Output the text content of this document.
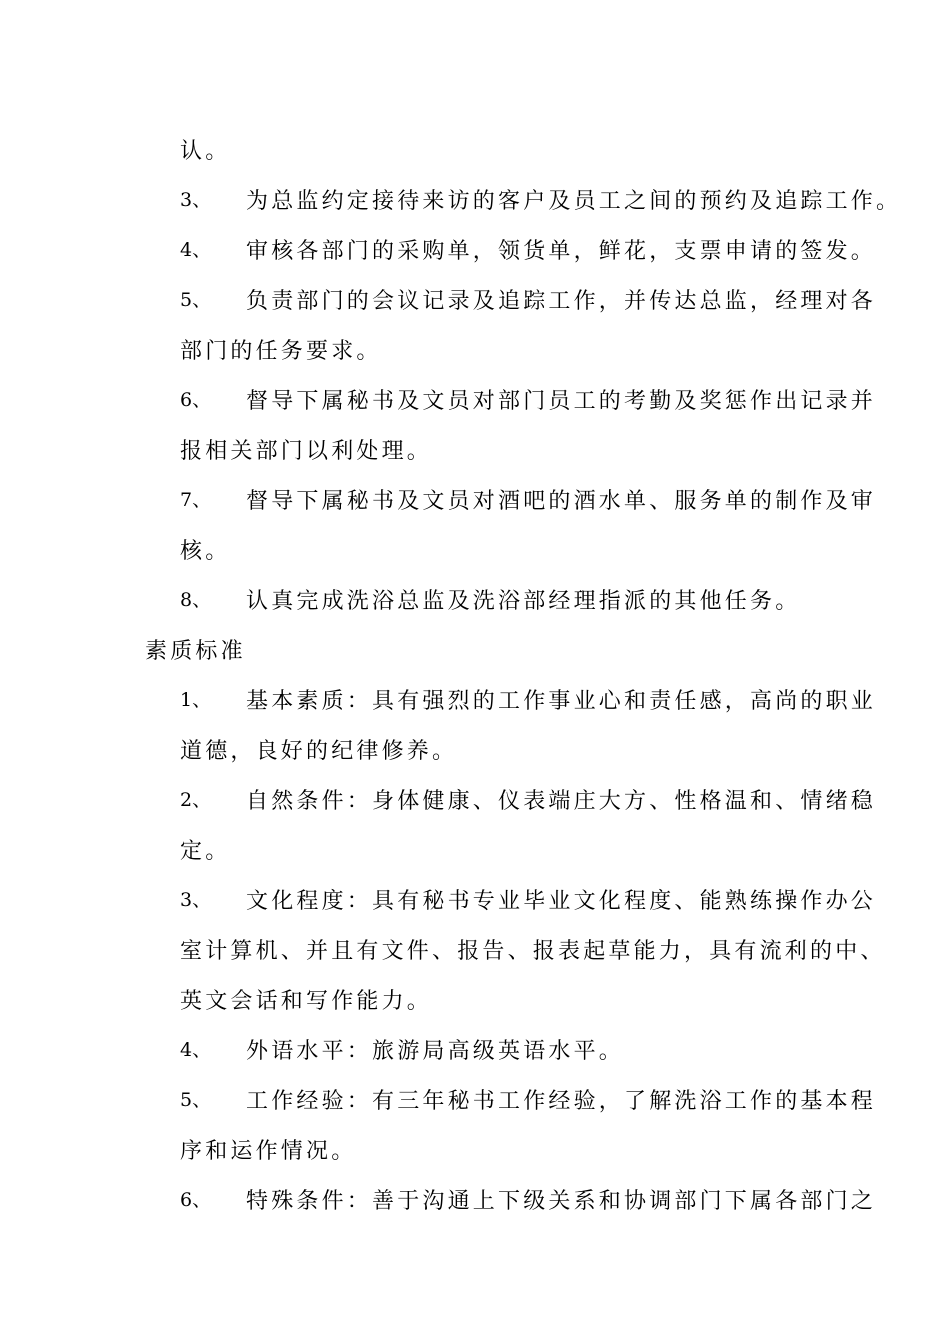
认。
3、 为总监约定接待来访的客户及员工之间的预约及追踪工作。
4、 审核各部门的采购单，领货单，鲜花，支票申请的签发。
5、 负责部门的会议记录及追踪工作，并传达总监，经理对各
部门的任务要求。
6、 督导下属秘书及文员对部门员工的考勤及奖惩作出记录并
报相关部门以利处理。
7、 督导下属秘书及文员对酒吧的酒水单、服务单的制作及审
核。
8、 认真完成洗浴总监及洗浴部经理指派的其他任务。
素质标准
1、 基本素质：具有强烈的工作事业心和责任感，高尚的职业
道德，良好的纪律修养。
2、 自然条件：身体健康、仪表端庄大方、性格温和、情绪稳
定。
3、 文化程度：具有秘书专业毕业文化程度、能熟练操作办公
室计算机、并且有文件、报告、报表起草能力，具有流利的中、
英文会话和写作能力。
4、 外语水平：旅游局高级英语水平。
5、 工作经验：有三年秘书工作经验，了解洗浴工作的基本程
序和运作情况。
6、 特殊条件：善于沟通上下级关系和协调部门下属各部门之
